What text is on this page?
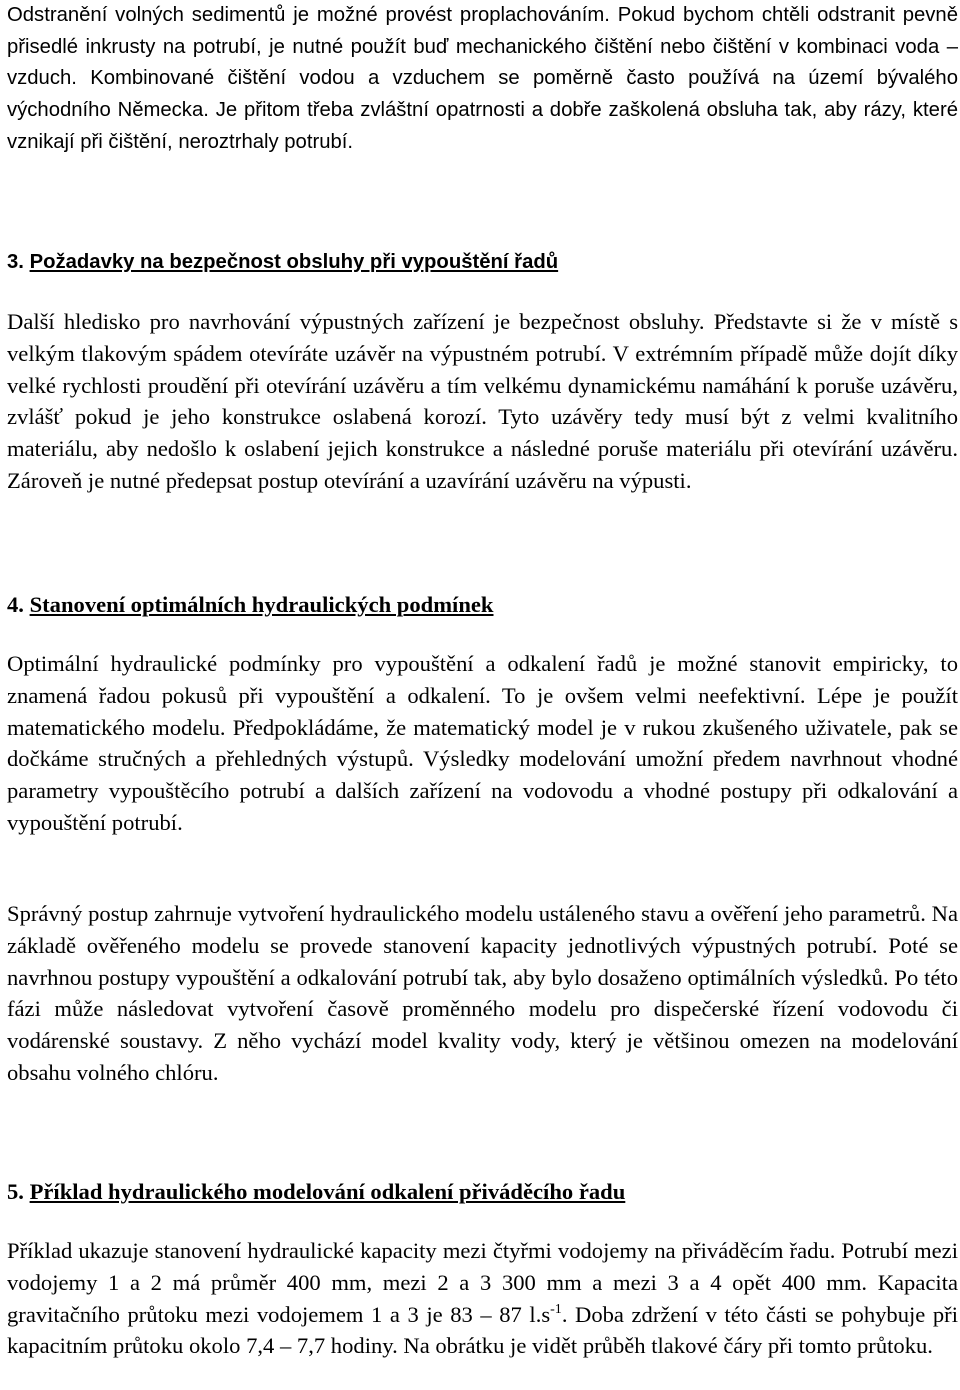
Odstranění volných sedimentů je možné provést proplachováním. Pokud bychom chtěli odstranit pevně přisedlé inkrusty na potrubí, je nutné použít buď mechanického čištění nebo čištění v kombinaci voda – vzduch. Kombinované čištění vodou a vzduchem se poměrně často používá na území bývalého východního Německa. Je přitom třeba zvláštní opatrnosti a dobře zaškolená obsluha tak, aby rázy, které vznikají při čištění, neroztrhaly potrubí.

3. Požadavky na bezpečnost obsluhy při vypouštění řadů

Další hledisko pro navrhování výpustných zařízení je bezpečnost obsluhy. Představte si že v místě s velkým tlakovým spádem otevíráte uzávěr na výpustném potrubí. V extrémním případě může dojít díky velké rychlosti proudění při otevírání uzávěru a tím velkému dynamickému namáhání k poruše uzávěru, zvlášť pokud je jeho konstrukce oslabená korozí. Tyto uzávěry tedy musí být z velmi kvalitního materiálu, aby nedošlo k oslabení jejich konstrukce a následné poruše materiálu při otevírání uzávěru. Zároveň je nutné předepsat postup otevírání a uzavírání uzávěru na výpusti.

4. Stanovení optimálních hydraulických podmínek

Optimální hydraulické podmínky pro vypouštění a odkalení řadů je možné stanovit empiricky, to znamená řadou pokusů při vypouštění a odkalení. To je ovšem velmi neefektivní. Lépe je použít matematického modelu. Předpokládáme, že matematický model je v rukou zkušeného uživatele, pak se dočkáme stručných a přehledných výstupů. Výsledky modelování umožní předem navrhnout vhodné parametry vypouštěcího potrubí a dalších zařízení na vodovodu a vhodné postupy při odkalování a vypouštění potrubí.

Správný postup zahrnuje vytvoření hydraulického modelu ustáleného stavu a ověření jeho parametrů. Na základě ověřeného modelu se provede stanovení kapacity jednotlivých výpustných potrubí. Poté se navrhnou postupy vypouštění a odkalování potrubí tak, aby bylo dosaženo optimálních výsledků. Po této fázi může následovat vytvoření časově proměnného modelu pro dispečerské řízení vodovodu či vodárenské soustavy. Z něho vychází model kvality vody, který je většinou omezen na modelování obsahu volného chlóru.

5. Příklad hydraulického modelování odkalení přiváděcího řadu

Příklad ukazuje stanovení hydraulické kapacity mezi čtyřmi vodojemy na přiváděcím řadu. Potrubí mezi vodojemy 1 a 2 má průměr 400 mm, mezi 2 a 3 300 mm a mezi 3 a 4 opět 400 mm. Kapacita gravitačního průtoku mezi vodojemem 1 a 3 je 83 – 87 $l.s^{-1}$. Doba zdržení v této části se pohybuje při kapacitním průtoku okolo 7,4 – 7,7 hodiny. Na obrátku je vidět průběh tlakové čáry při tomto průtoku.
